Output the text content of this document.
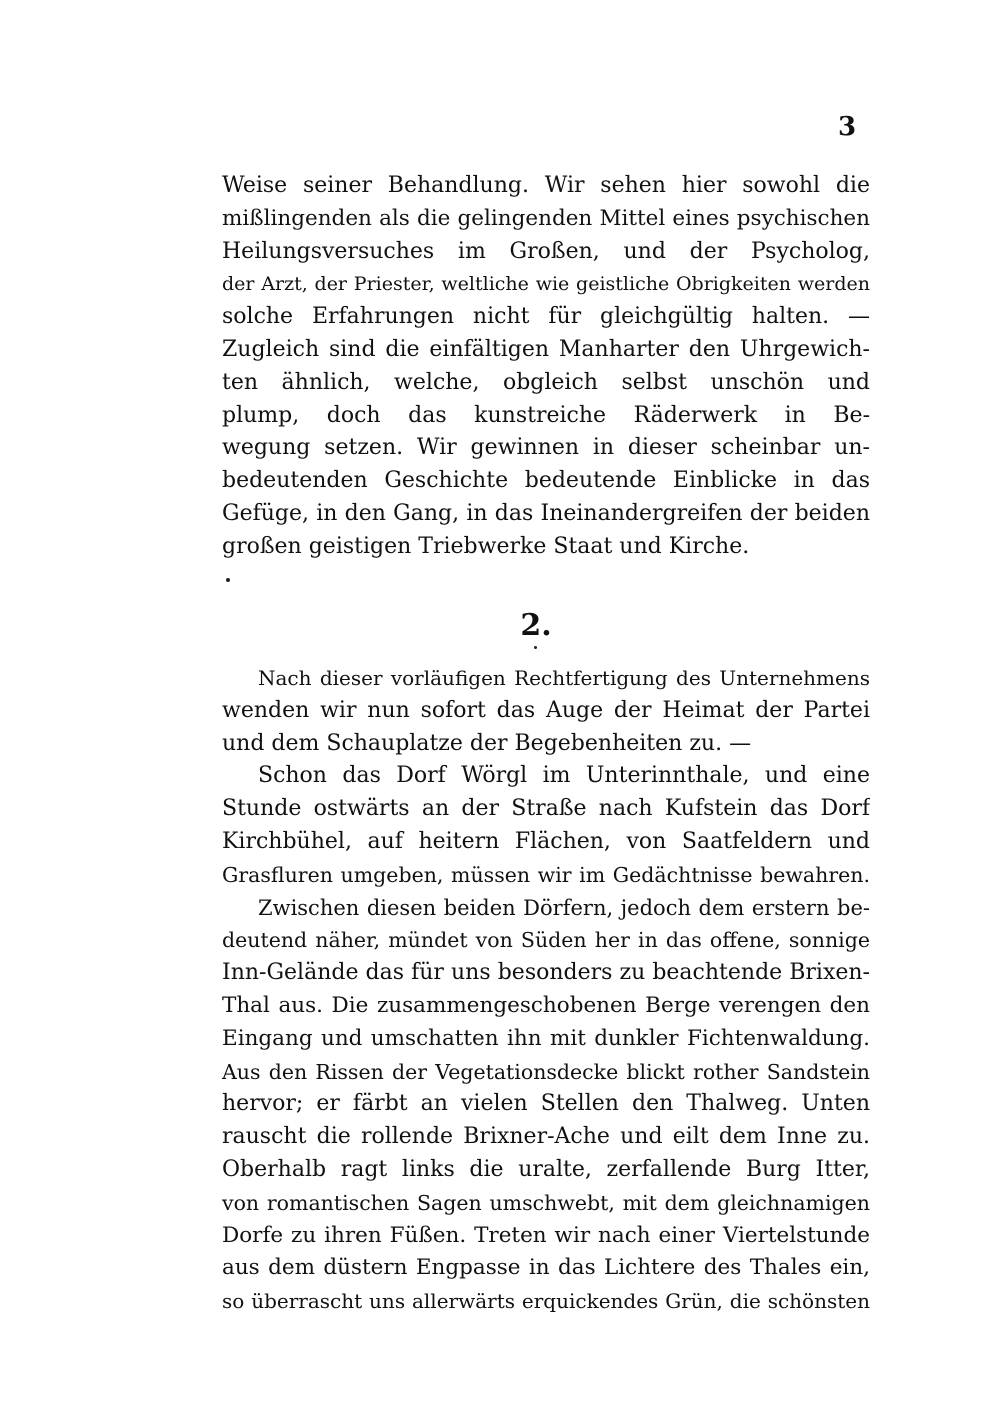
3
Weise seiner Behandlung. Wir sehen hier sowohl die
mißlingenden als die gelingenden Mittel eines psychischen
Heilungsversuches im Großen, und der Psycholog,
der Arzt, der Priester, weltliche wie geistliche Obrigkeiten werden
solche Erfahrungen nicht für gleichgültig halten. —
Zugleich sind die einfältigen Manharter den Uhrgewich-
ten ähnlich, welche, obgleich selbst unschön und
plump, doch das kunstreiche Räderwerk in Be-
wegung setzen. Wir gewinnen in dieser scheinbar un-
bedeutenden Geschichte bedeutende Einblicke in das
Gefüge, in den Gang, in das Ineinandergreifen der beiden
großen geistigen Triebwerke Staat und Kirche.
2.
Nach dieser vorläufigen Rechtfertigung des Unternehmens
wenden wir nun sofort das Auge der Heimat der Partei
und dem Schauplatze der Begebenheiten zu. —
Schon das Dorf Wörgl im Unterinnthale, und eine
Stunde ostwärts an der Straße nach Kufstein das Dorf
Kirchbühel, auf heitern Flächen, von Saatfeldern und
Grasfluren umgeben, müssen wir im Gedächtnisse bewahren.
Zwischen diesen beiden Dörfern, jedoch dem erstern be-
deutend näher, mündet von Süden her in das offene, sonnige
Inn-Gelände das für uns besonders zu beachtende Brixen-
Thal aus. Die zusammengeschobenen Berge verengen den
Eingang und umschatten ihn mit dunkler Fichtenwaldung.
Aus den Rissen der Vegetationsdecke blickt rother Sandstein
hervor; er färbt an vielen Stellen den Thalweg. Unten
rauscht die rollende Brixner-Ache und eilt dem Inne zu.
Oberhalb ragt links die uralte, zerfallende Burg Itter,
von romantischen Sagen umschwebt, mit dem gleichnamigen
Dorfe zu ihren Füßen. Treten wir nach einer Viertelstunde
aus dem düstern Engpasse in das Lichtere des Thales ein,
so überrascht uns allerwärts erquickendes Grün, die schönsten
